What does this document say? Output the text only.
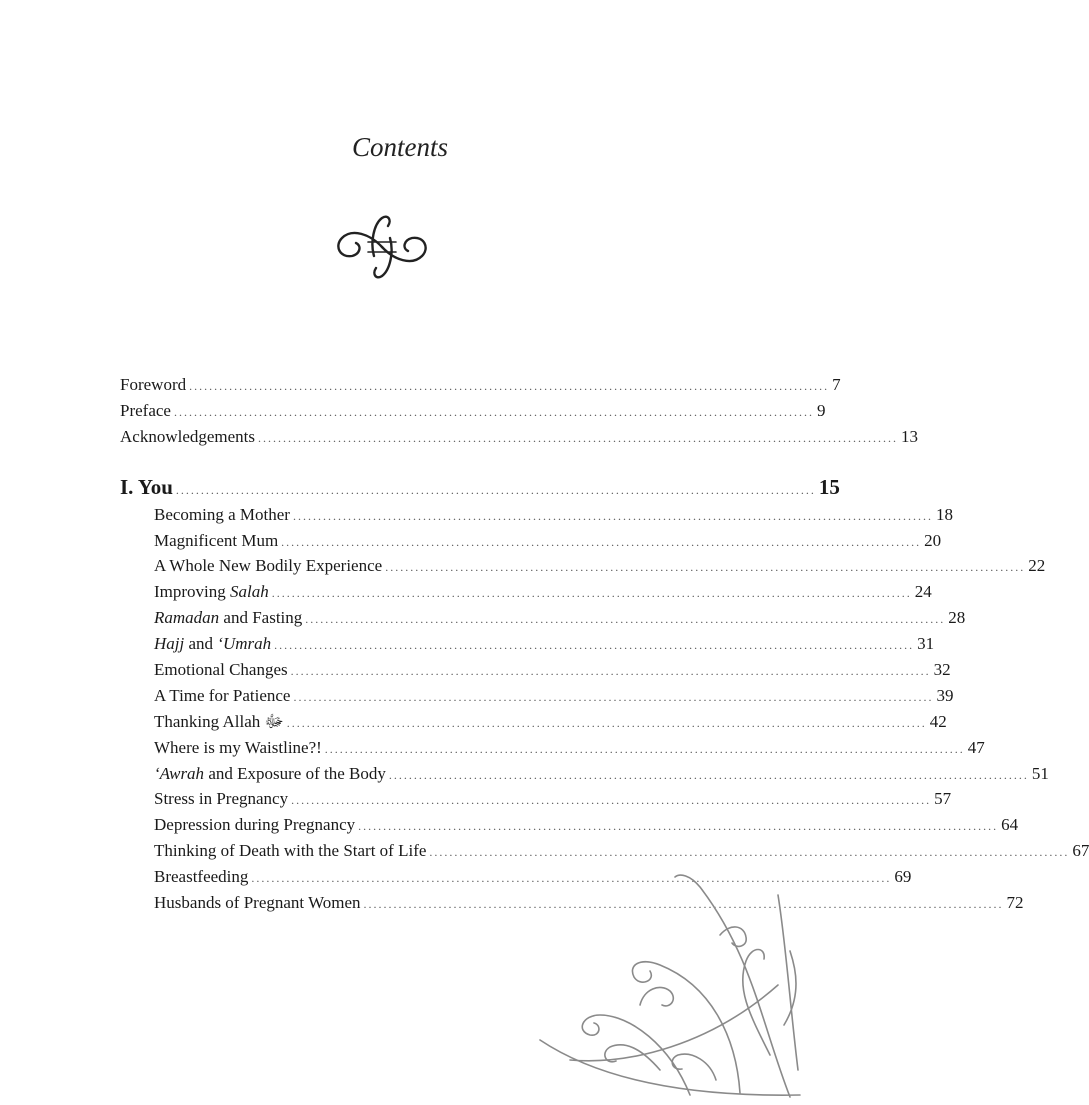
Contents
Foreword ................................................................................................................................ 7
Preface ................................................................................................................................ 9
Acknowledgements ................................................................................................................................ 13
I. You ................................................................................................................................ 15
Becoming a Mother ................................................................................................................................ 18
Magnificent Mum ................................................................................................................................ 20
A Whole New Bodily Experience ................................................................................................................................ 22
Improving Salah ................................................................................................................................ 24
Ramadan and Fasting ................................................................................................................................ 28
Hajj and ‘Umrah ................................................................................................................................ 31
Emotional Changes ................................................................................................................................ 32
A Time for Patience ................................................................................................................................ 39
Thanking Allah ﷻ ................................................................................................................................ 42
Where is my Waistline?! ................................................................................................................................ 47
‘Awrah and Exposure of the Body ................................................................................................................................ 51
Stress in Pregnancy ................................................................................................................................ 57
Depression during Pregnancy ................................................................................................................................ 64
Thinking of Death with the Start of Life ................................................................................................................................ 67
Breastfeeding ................................................................................................................................ 69
Husbands of Pregnant Women ................................................................................................................................ 72
